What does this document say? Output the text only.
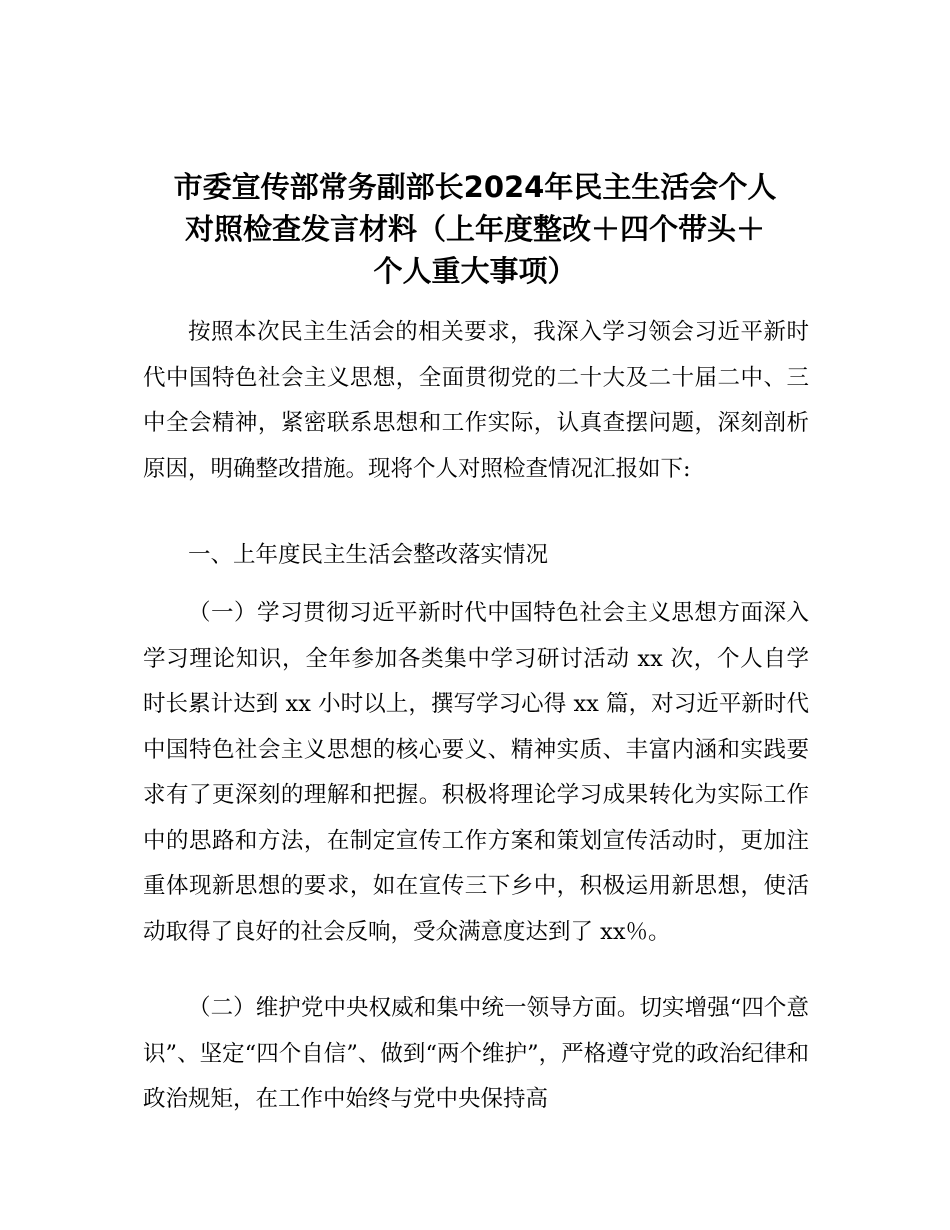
市委宣传部常务副部长2024年民主生活会个人
对照检查发言材料（上年度整改＋四个带头＋
个人重大事项）

按照本次民主生活会的相关要求，我深入学习领会习近平新时代中国特色社会主义思想，全面贯彻党的二十大及二十届二中、三中全会精神，紧密联系思想和工作实际，认真查摆问题，深刻剖析原因，明确整改措施。现将个人对照检查情况汇报如下:

一、上年度民主生活会整改落实情况

（一）学习贯彻习近平新时代中国特色社会主义思想方面深入学习理论知识，全年参加各类集中学习研讨活动 xx 次，个人自学时长累计达到 xx 小时以上，撰写学习心得 xx 篇，对习近平新时代中国特色社会主义思想的核心要义、精神实质、丰富内涵和实践要求有了更深刻的理解和把握。积极将理论学习成果转化为实际工作中的思路和方法，在制定宣传工作方案和策划宣传活动时，更加注重体现新思想的要求，如在宣传三下乡中，积极运用新思想，使活动取得了良好的社会反响，受众满意度达到了 xx％。

（二）维护党中央权威和集中统一领导方面。切实增强“四个意识”、坚定“四个自信”、做到“两个维护”，严格遵守党的政治纪律和政治规矩，在工作中始终与党中央保持高
